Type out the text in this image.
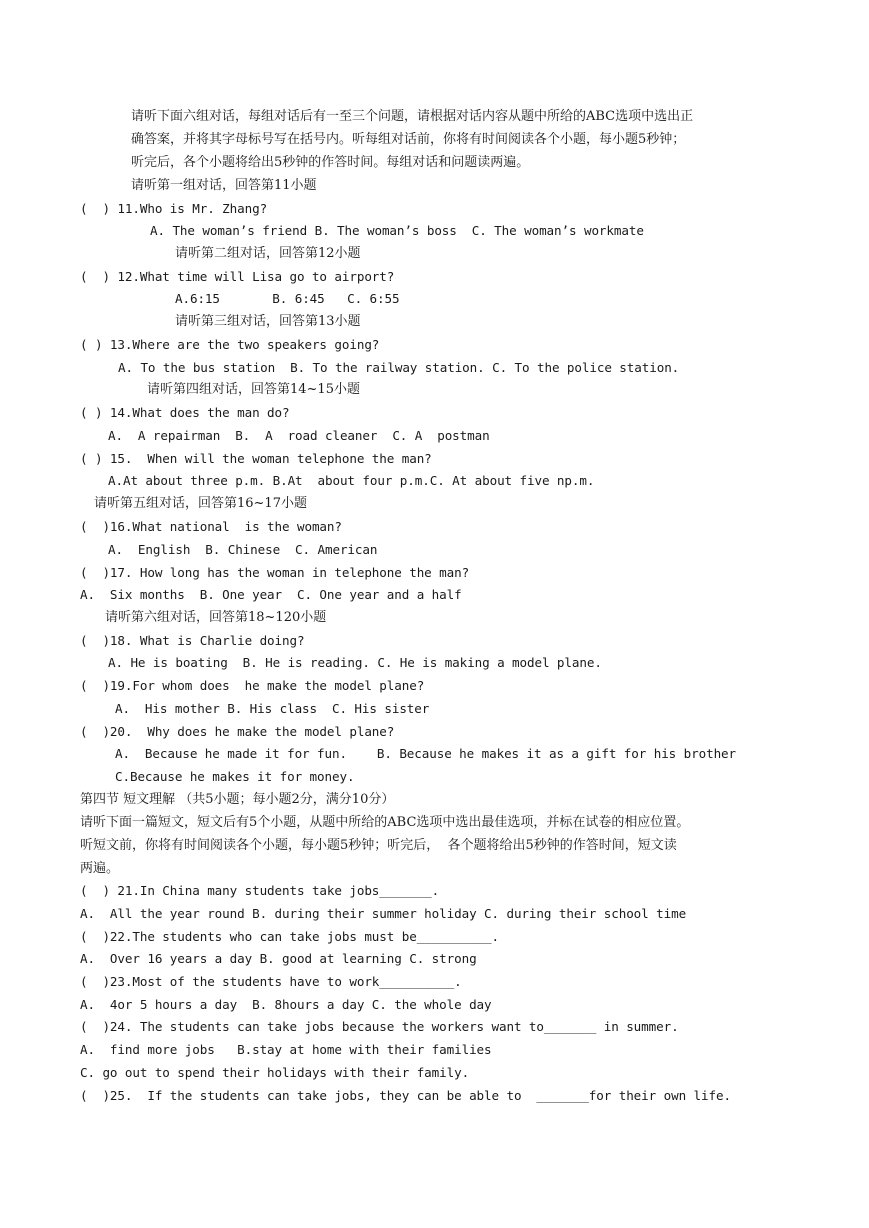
请听下面六组对话，每组对话后有一至三个问题，请根据对话内容从题中所给的ABC选项中选出正
确答案，并将其字母标号写在括号内。听每组对话前，你将有时间阅读各个小题，每小题5秒钟；
听完后，各个小题将给出5秒钟的作答时间。每组对话和问题读两遍。
请听第一组对话，回答第11小题
(  ) 11.Who is Mr. Zhang?
A. The woman’s friend B. The woman’s boss  C. The woman’s workmate
请听第二组对话，回答第12小题
(  ) 12.What time will Lisa go to airport?
A.6:15       B. 6:45   C. 6:55
请听第三组对话，回答第13小题
( ) 13.Where are the two speakers going?
A. To the bus station  B. To the railway station. C. To the police station.
请听第四组对话，回答第14~15小题
( ) 14.What does the man do?
A.  A repairman  B.  A  road cleaner  C. A  postman
( ) 15.  When will the woman telephone the man?
A.At about three p.m. B.At  about four p.m.C. At about five np.m.
请听第五组对话，回答第16~17小题
(  )16.What national  is the woman?
A.  English  B. Chinese  C. American
(  )17. How long has the woman in telephone the man?
A.  Six months  B. One year  C. One year and a half
请听第六组对话，回答第18~120小题
(  )18. What is Charlie doing?
A. He is boating  B. He is reading. C. He is making a model plane.
(  )19.For whom does  he make the model plane?
A.  His mother B. His class  C. His sister
(  )20.  Why does he make the model plane?
A.  Because he made it for fun.    B. Because he makes it as a gift for his brother
C.Because he makes it for money.
第四节 短文理解 （共5小题；每小题2分，满分10分）
请听下面一篇短文，短文后有5个小题，从题中所给的ABC选项中选出最佳选项，并标在试卷的相应位置。
听短文前，你将有时间阅读各个小题，每小题5秒钟；听完后，  各个题将给出5秒钟的作答时间，短文读
两遍。
(  ) 21.In China many students take jobs_______.
A.  All the year round B. during their summer holiday C. during their school time
(  )22.The students who can take jobs must be__________.
A.  Over 16 years a day B. good at learning C. strong
(  )23.Most of the students have to work__________.
A.  4or 5 hours a day  B. 8hours a day C. the whole day
(  )24. The students can take jobs because the workers want to_______ in summer.
A.  find more jobs   B.stay at home with their families
C. go out to spend their holidays with their family.
(  )25.  If the students can take jobs, they can be able to  _______for their own life.
